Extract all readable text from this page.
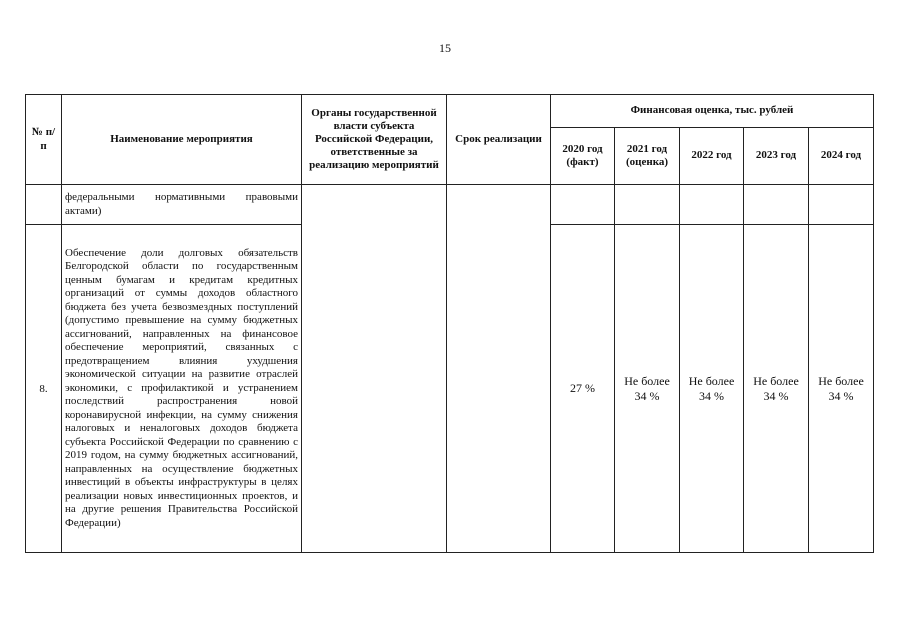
15
№ п/п	Наименование мероприятия	Органы государственной власти субъекта Российской Федерации, ответственные за реализацию мероприятий	Срок реализации	Финансовая оценка, тыс. рублей				
				2020 год (факт)	2021 год (оценка)	2022 год	2023 год	2024 год
	федеральными нормативными правовыми актами)							
8.	Обеспечение доли долговых обязательств Белгородской области по государственным ценным бумагам и кредитам кредитных организаций от суммы доходов областного бюджета без учета безвозмездных поступлений (допустимо превышение на сумму бюджетных ассигнований, направленных на финансовое обеспечение мероприятий, связанных с предотвращением влияния ухудшения экономической ситуации на развитие отраслей экономики, с профилактикой и устранением последствий распространения новой коронавирусной инфекции, на сумму снижения налоговых и неналоговых доходов бюджета субъекта Российской Федерации по сравнению с 2019 годом, на сумму бюджетных ассигнований, направленных на осуществление бюджетных инвестиций в объекты инфраструктуры в целях реализации новых инвестиционных проектов, и на другие решения Правительства Российской Федерации)			27 %	Не более 34 %	Не более 34 %	Не более 34 %	Не более 34 %
